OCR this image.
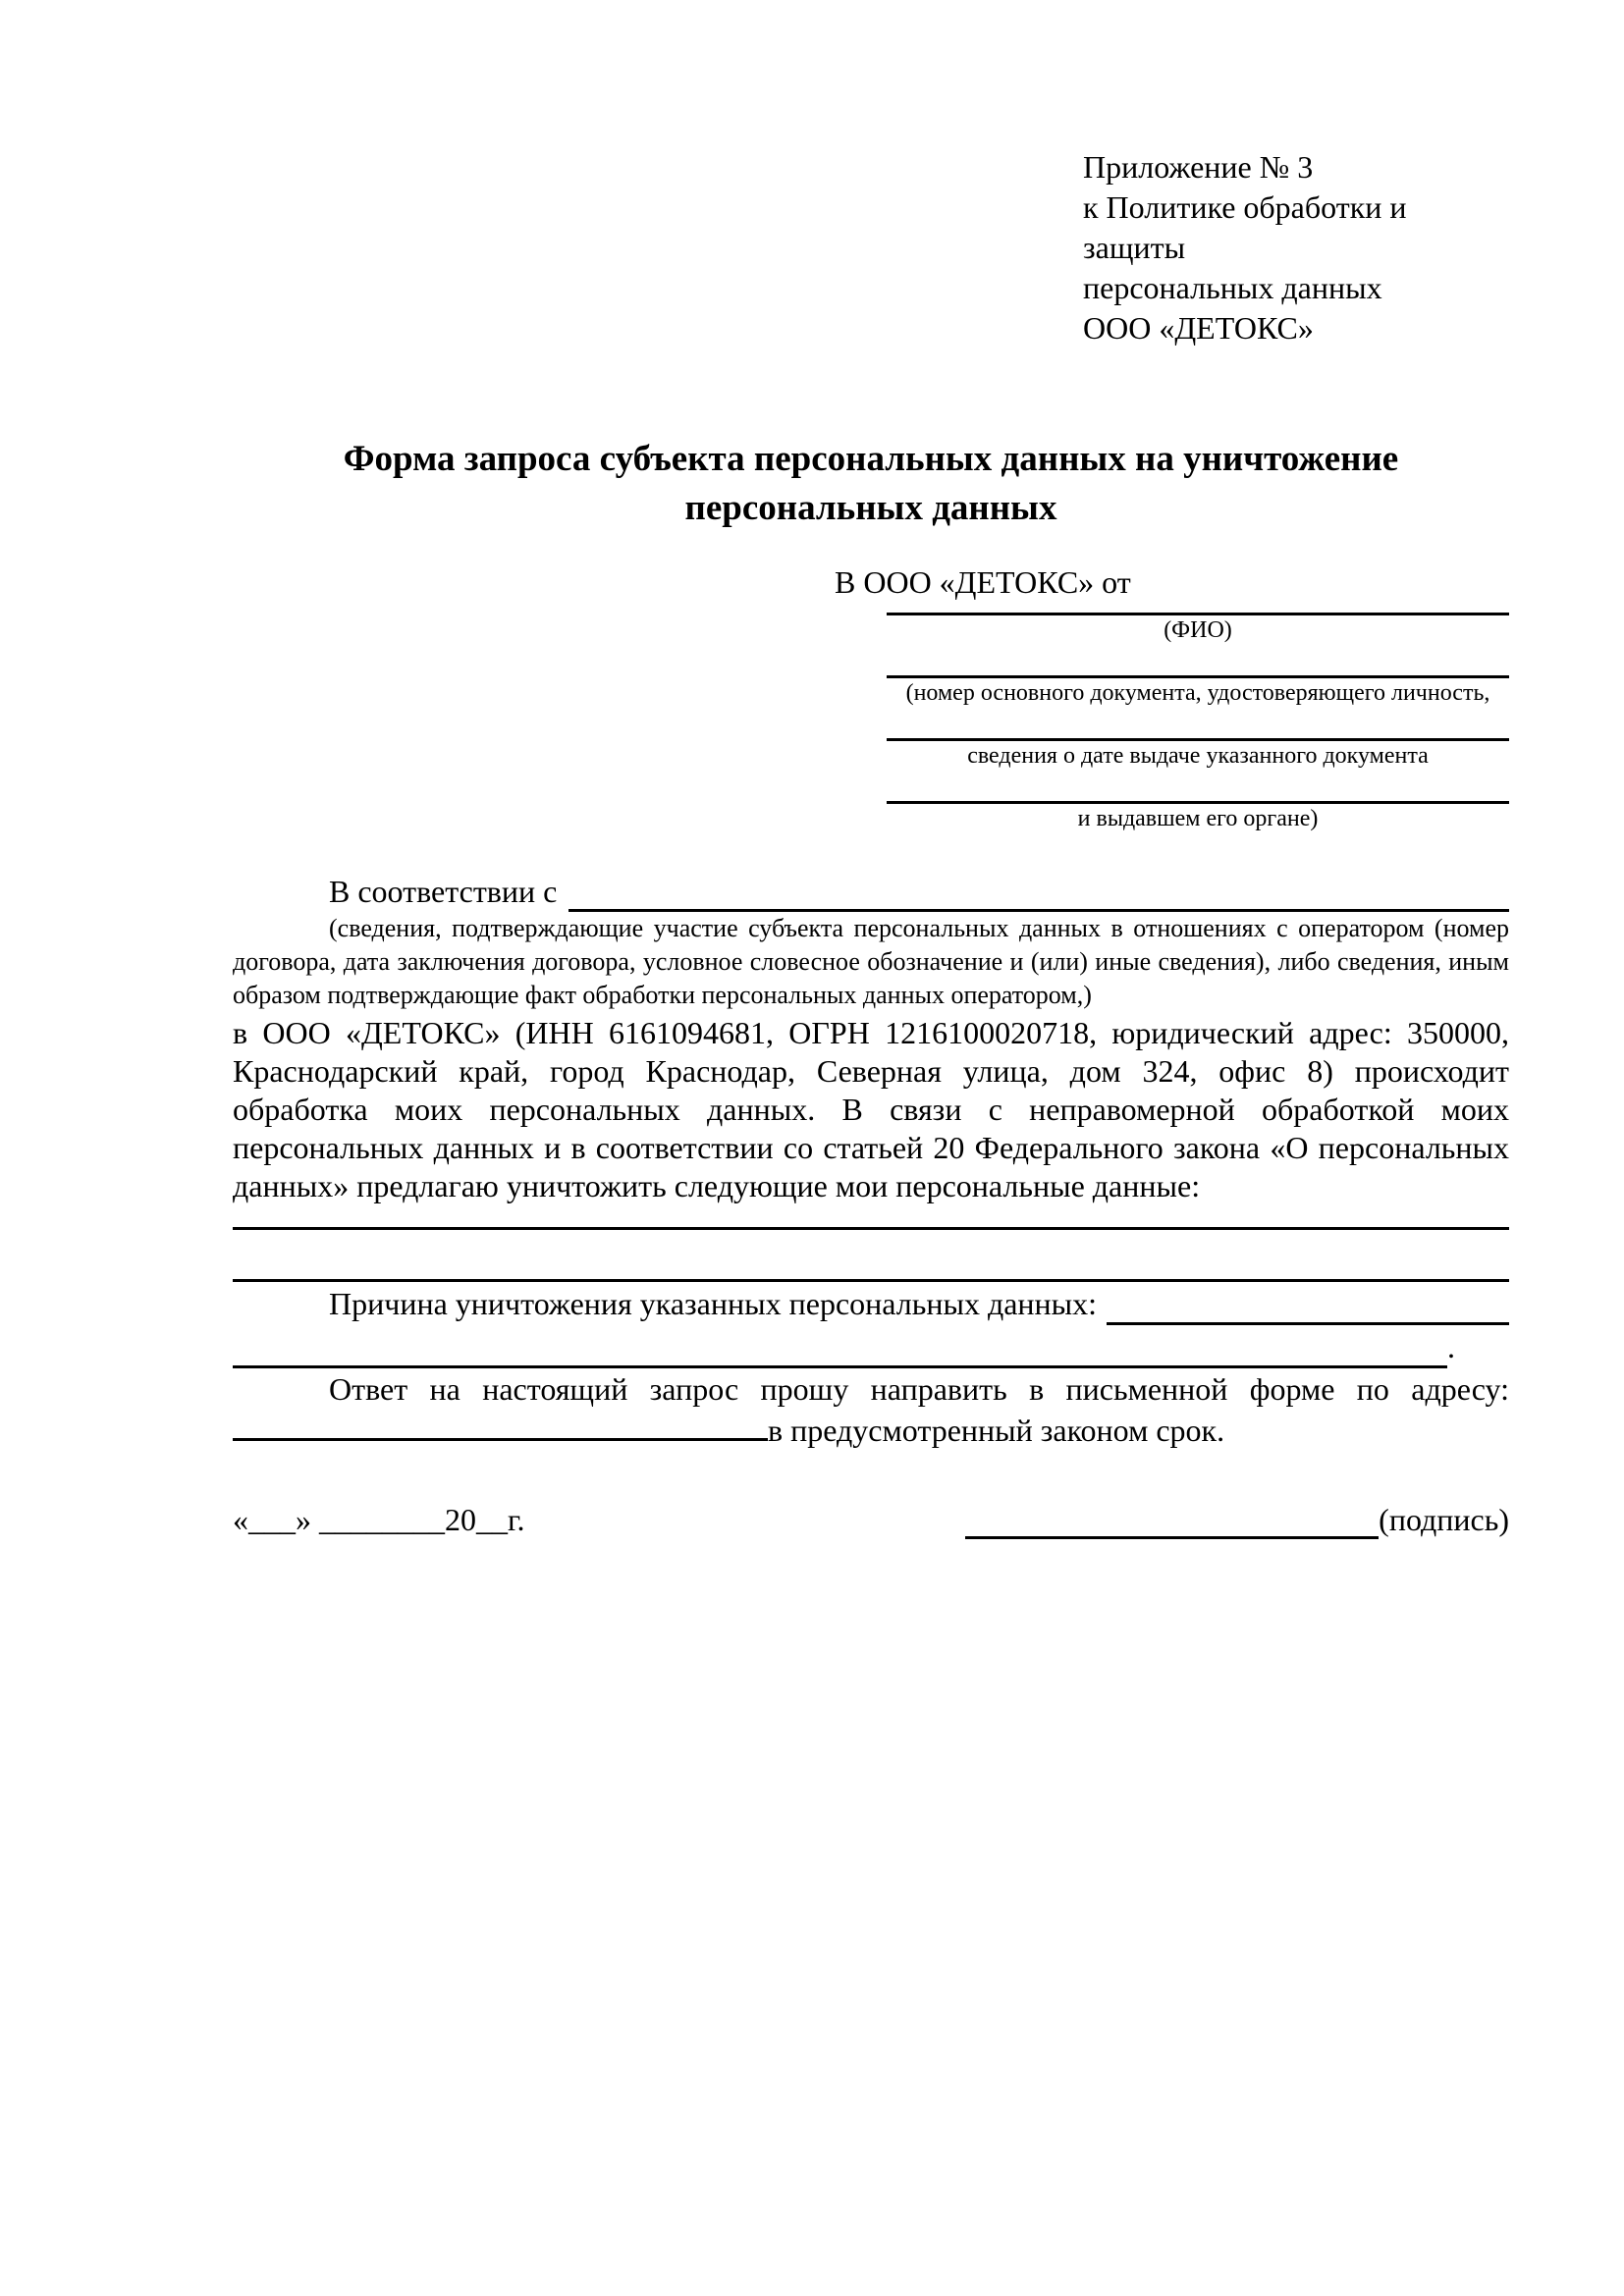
Приложение № 3
к Политике обработки и защиты
персональных данных
ООО «ДЕТОКС»
Форма запроса субъекта персональных данных на уничтожение персональных данных
В ООО «ДЕТОКС» от
(ФИО)
(номер основного документа, удостоверяющего личность,
сведения о дате выдаче указанного документа
и выдавшем его органе)
В соответствии с
(сведения, подтверждающие участие субъекта персональных данных в отношениях с оператором (номер договора, дата заключения договора, условное словесное обозначение и (или) иные сведения), либо сведения, иным образом подтверждающие факт обработки персональных данных оператором,)
в ООО «ДЕТОКС» (ИНН 6161094681, ОГРН 1216100020718, юридический адрес: 350000, Краснодарский край, город Краснодар, Северная улица, дом 324, офис 8) происходит обработка моих персональных данных. В связи с неправомерной обработкой моих персональных данных и в соответствии со статьей 20 Федерального закона «О персональных данных» предлагаю уничтожить следующие мои персональные данные:
Причина уничтожения указанных персональных данных:
.
Ответ на настоящий запрос прошу направить в письменной форме по адресу: в предусмотренный законом срок.
«___» ________20__г.	(подпись)
